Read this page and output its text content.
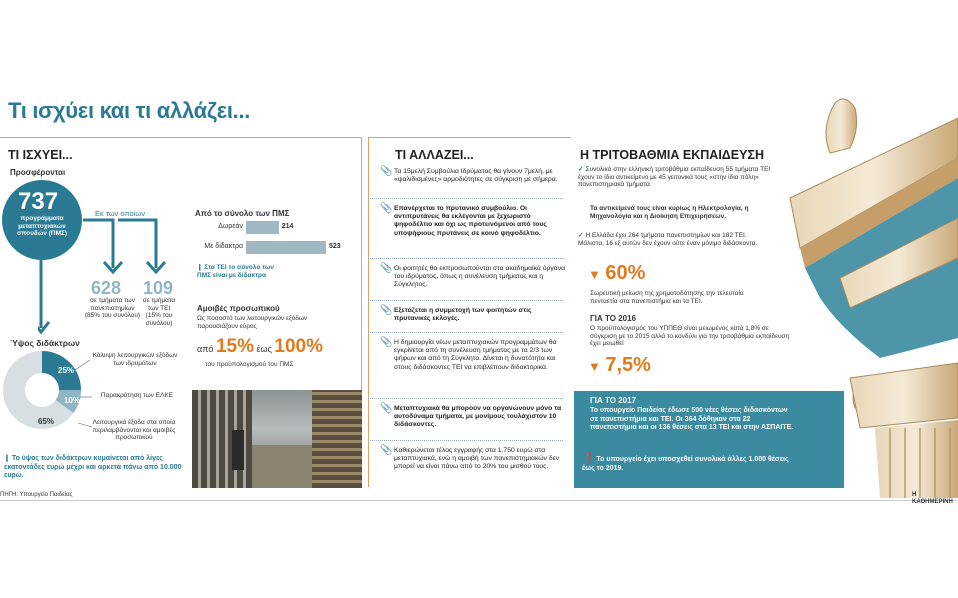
Τι ισχύει και τι αλλάζει...
ΤΙ ΙΣΧΥΕΙ...
Προσφέρονται
737
προγράμματα μεταπτυχιακών σπουδών (ΠΜΣ)
Εκ των οποίων
628
σε τμήματα των πανεπιστημίων
(85% του συνόλου)
109
σε τμήματα των ΤΕΙ
(15% του συνόλου)
Ύψος διδάκτρων
25%
10%
65%
Κάλυψη λειτουργικών εξόδων των ιδρυμάτων
Παρακράτηση των ΕΛΚΕ
Λειτουργικά έξοδα στα οποία περιλαμβάνονται και αμοιβές προσωπικού
❙ Το ύψος των διδάκτρων κυμαίνεται από λίγες εκατοντάδες ευρώ μέχρι και αρκετά πάνω από 10.000 ευρώ.
Από το σύνολο των ΠΜΣ
Δωρεάν	214
Με δίδακτρα	523
❙ Στα ΤΕΙ το σύνολο των ΠΜΣ είναι με δίδακτρα
Αμοιβές προσωπικού
Ως ποσοστό των λειτουργικών εξόδων παρουσιάζουν εύρος
από 15% έως 100%
του προϋπολογισμού του ΠΜΣ
ΠΗΓΗ: Υπουργείο Παιδείας
ΤΙ ΑΛΛΑΖΕΙ...
📎 Τα 15μελή Συμβούλια Ιδρύματος θα γίνουν 7μελή, με «ψαλιδισμένες» αρμοδιότητες σε σύγκριση με σήμερα.
📎 Επανέρχεται το πρυτανικό συμβούλιο. Οι αντιπρυτάνεις θα εκλέγονται με ξεχωριστό ψηφοδέλτιο και όχι ως προτεινόμενοι από τους υποψήφιους πρυτάνεις σε κοινό ψηφοδέλτιο.
📎 Οι φοιτητές θα εκπροσωπούνται στα ακαδημαϊκά όργανα του ιδρύματος, όπως η συνέλευση τμήματος και η Σύγκλητος.
📎 Εξετάζεται η συμμετοχή των φοιτητών στις πρυτανικές εκλογές.
📎 Η δημιουργία νέων μεταπτυχιακών προγραμμάτων θα εγκρίνεται από τη συνέλευση τμήματος με τα 2/3 των ψήφων και από τη Σύγκλητο. Δίνεται η δυνατότητα και στους διδάσκοντες ΤΕΙ να επιβλέπουν διδακτορικά.
📎 Μεταπτυχιακά θα μπορούν να οργανώνουν μόνο τα αυτοδύναμα τμήματα, με μονίμους τουλάχιστον 10 διδάσκοντες.
📎 Καθιερώνεται τέλος εγγραφής στα 1.750 ευρώ στα μεταπτυχιακά, ενώ η αμοιβή των πανεπιστημιακών δεν μπορεί να είναι πάνω από το 20% του μισθού τους.
Η ΤΡΙΤΟΒΑΘΜΙΑ ΕΚΠΑΙΔΕΥΣΗ
✓ Συνολικά στην ελληνική τριτοβάθμια εκπαίδευση 55 τμήματα ΤΕΙ έχουν το ίδιο αντικείμενο με 45 γειτονικά τους «στην ίδια πόλη» πανεπιστημιακά τμήματα.
Τα αντικείμενά τους είναι κυρίως η Ηλεκτρολογία, η Μηχανολογία και η Διοίκηση Επιχειρήσεων.
✓ Η Ελλάδα έχει 264 τμήματα πανεπιστημίων και 182 ΤΕΙ. Μάλιστα, 16 εξ αυτών δεν έχουν ούτε έναν μόνιμο διδάσκοντα.
▼ 60%
Σωρευτική μείωση της χρηματοδότησης την τελευταία πενταετία στα πανεπιστήμια και τα ΤΕΙ.
ΓΙΑ ΤΟ 2016
Ο προϋπολογισμός του ΥΠΠΕΘ είναι μειωμένος κατά 1,8% σε σύγκριση με το 2015 αλλά το κονδύλι για την τριτοβάθμια εκπαίδευση έχει μειωθεί
▼ 7,5%
ΓΙΑ ΤΟ 2017
Το υπουργείο Παιδείας έδωσε 500 νέες θέσεις διδασκόντων σε πανεπιστήμια και ΤΕΙ. Οι 364 δόθηκαν στα 22 πανεπιστήμια και οι 136 θέσεις στα 13 ΤΕΙ και στην ΑΣΠΑΙΤΕ.
❗ Το υπουργείο έχει υποσχεθεί συνολικά άλλες 1.000 θέσεις έως το 2019.
Η ΚΑΘΗΜΕΡΙΝΗ
